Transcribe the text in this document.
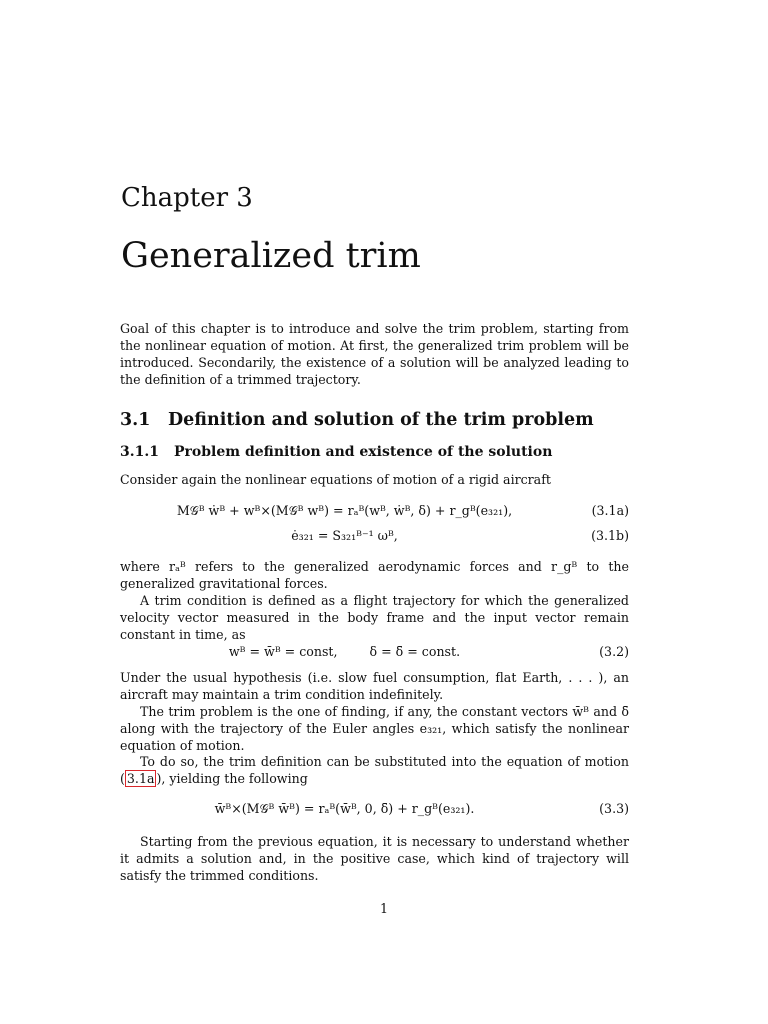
Chapter 3
Generalized trim

Goal of this chapter is to introduce and solve the trim problem, starting from the nonlinear equation of motion. At first, the generalized trim problem will be introduced. Secondarily, the existence of a solution will be analyzed leading to the definition of a trimmed trajectory.

3.1 Definition and solution of the trim problem
3.1.1 Problem definition and existence of the solution

Consider again the nonlinear equations of motion of a rigid aircraft

M𝒢ᴮ ẇᴮ + wᴮ×(M𝒢ᴮ wᴮ) = rₐᴮ(wᴮ, ẇᴮ, δ) + r_gᴮ(e₃₂₁),	(3.1a)
ė₃₂₁ = S₃₂₁ᴮ⁻¹ ωᴮ,	(3.1b)

where rₐᴮ refers to the generalized aerodynamic forces and r_gᴮ to the generalized gravitational forces.

A trim condition is defined as a flight trajectory for which the generalized velocity vector measured in the body frame and the input vector remain constant in time, as

wᴮ = w̄ᴮ = const,        δ = δ̄ = const.	(3.2)

Under the usual hypothesis (i.e. slow fuel consumption, flat Earth, . . . ), an aircraft may maintain a trim condition indefinitely.

The trim problem is the one of finding, if any, the constant vectors w̄ᴮ and δ̄ along with the trajectory of the Euler angles e₃₂₁, which satisfy the nonlinear equation of motion.

To do so, the trim definition can be substituted into the equation of motion ( 3.1a ), yielding the following

w̄ᴮ×(M𝒢ᴮ w̄ᴮ) = rₐᴮ(w̄ᴮ, 0, δ̄) + r_gᴮ(e₃₂₁).	(3.3)

Starting from the previous equation, it is necessary to understand whether it admits a solution and, in the positive case, which kind of trajectory will satisfy the trimmed conditions.

1
